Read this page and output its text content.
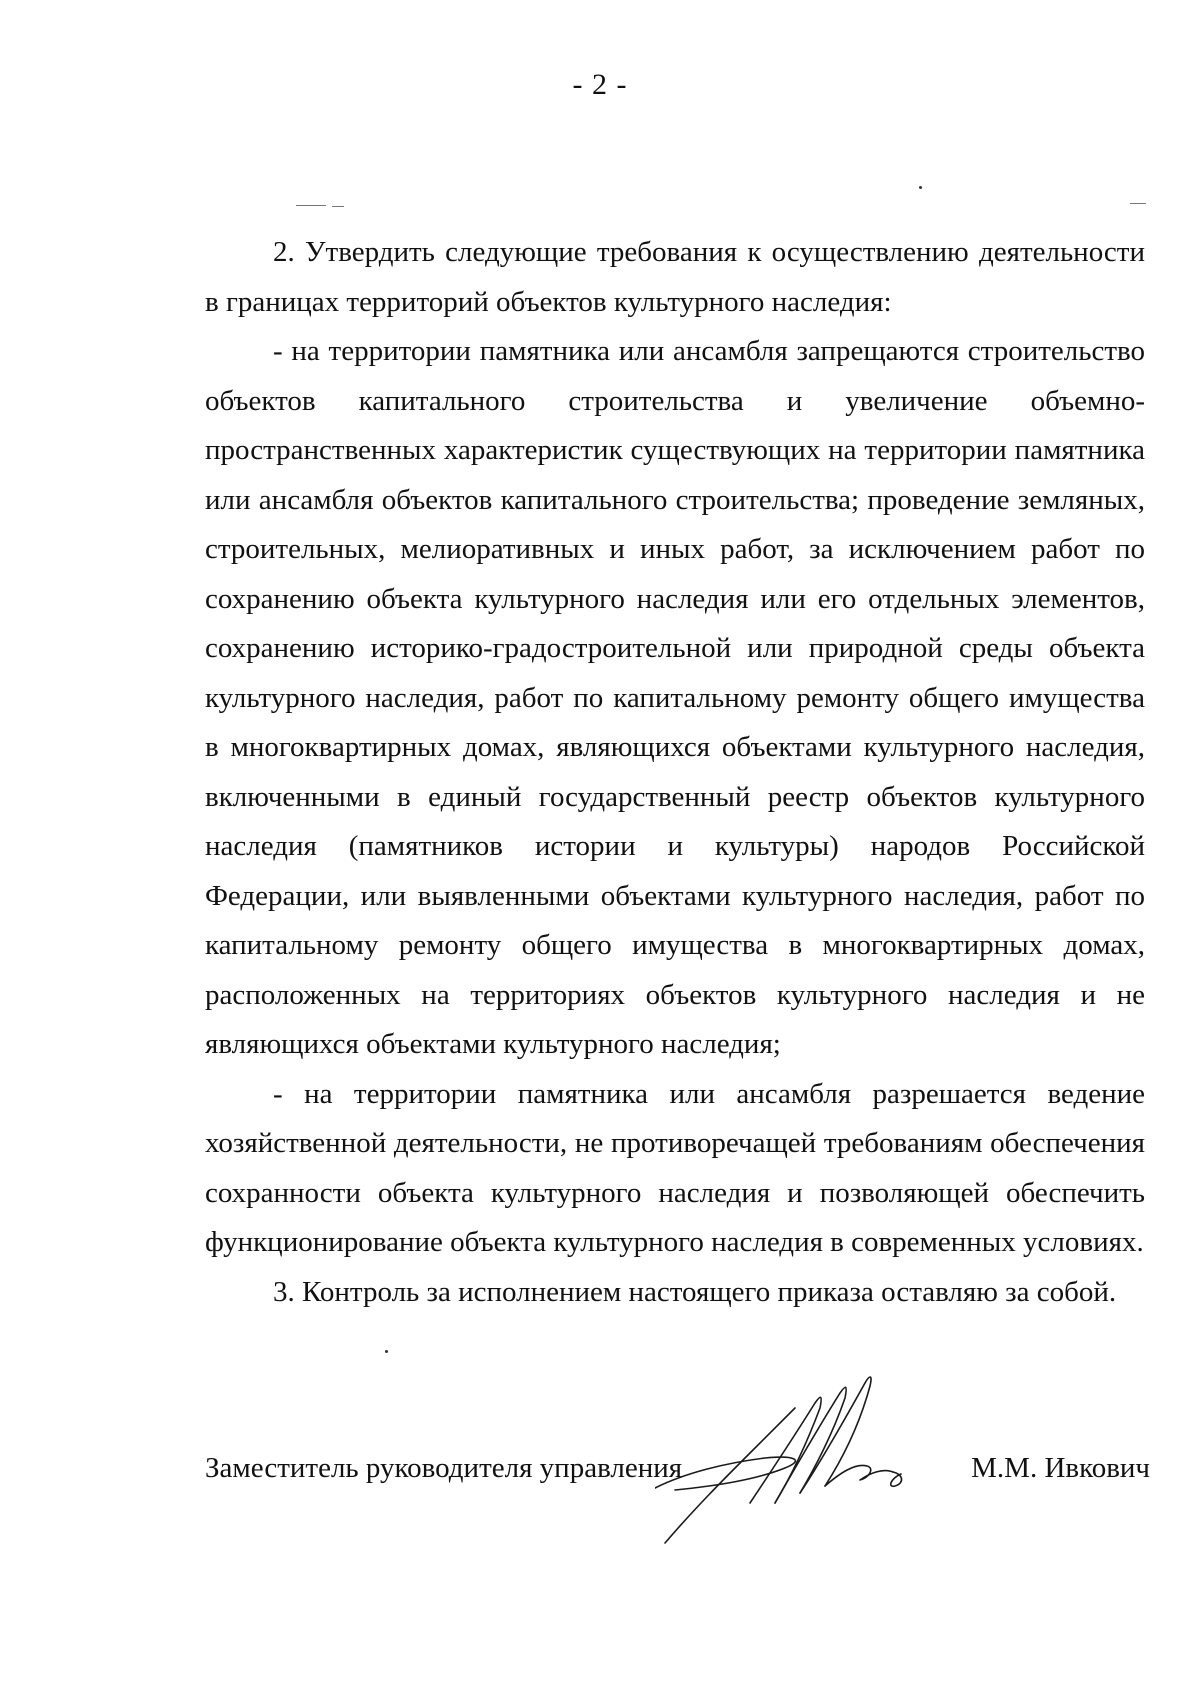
- 2 -

2. Утвердить следующие требования к осуществлению деятельности в границах территорий объектов культурного наследия:

- на территории памятника или ансамбля запрещаются строительство объектов капитального строительства и увеличение объемно-пространственных характеристик существующих на территории памятника или ансамбля объектов капитального строительства; проведение земляных, строительных, мелиоративных и иных работ, за исключением работ по сохранению объекта культурного наследия или его отдельных элементов, сохранению историко-градостроительной или природной среды объекта культурного наследия, работ по капитальному ремонту общего имущества в многоквартирных домах, являющихся объектами культурного наследия, включенными в единый государственный реестр объектов культурного наследия (памятников истории и культуры) народов Российской Федерации, или выявленными объектами культурного наследия, работ по капитальному ремонту общего имущества в многоквартирных домах, расположенных на территориях объектов культурного наследия и не являющихся объектами культурного наследия;

- на территории памятника или ансамбля разрешается ведение хозяйственной деятельности, не противоречащей требованиям обеспечения сохранности объекта культурного наследия и позволяющей обеспечить функционирование объекта культурного наследия в современных условиях.

3. Контроль за исполнением настоящего приказа оставляю за собой.

Заместитель руководителя управления	М.М. Ивкович
